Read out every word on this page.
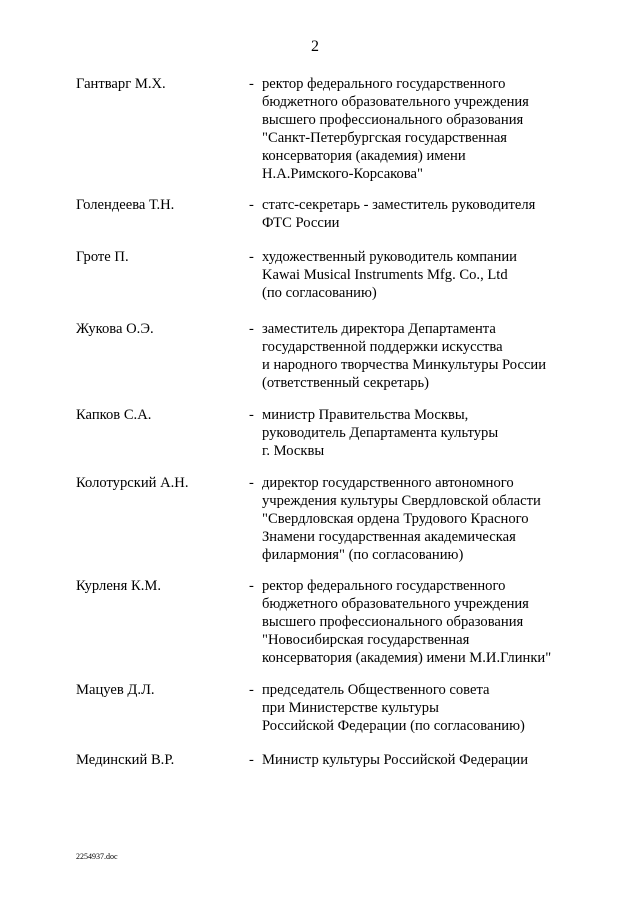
2
Гантварг М.Х.	- ректор федерального государственного
бюджетного образовательного учреждения
высшего профессионального образования
"Санкт-Петербургская государственная
консерватория (академия) имени
Н.А.Римского-Корсакова"
Голендеева Т.Н.	- статс-секретарь - заместитель руководителя
ФТС России
Гроте П.	- художественный руководитель компании
Kawai Musical Instruments Mfg. Co., Ltd
(по согласованию)
Жукова О.Э.	- заместитель директора Департамента
государственной поддержки искусства
и народного творчества Минкультуры России
(ответственный секретарь)
Капков С.А.	- министр Правительства Москвы,
руководитель Департамента культуры
г. Москвы
Колотурский А.Н.	- директор государственного автономного
учреждения культуры Свердловской области
"Свердловская ордена Трудового Красного
Знамени государственная академическая
филармония" (по согласованию)
Курленя К.М.	- ректор федерального государственного
бюджетного образовательного учреждения
высшего профессионального образования
"Новосибирская государственная
консерватория (академия) имени М.И.Глинки"
Мацуев Д.Л.	- председатель Общественного совета
при Министерстве культуры
Российской Федерации (по согласованию)
Мединский В.Р.	- Министр культуры Российской Федерации
2254937.doc
